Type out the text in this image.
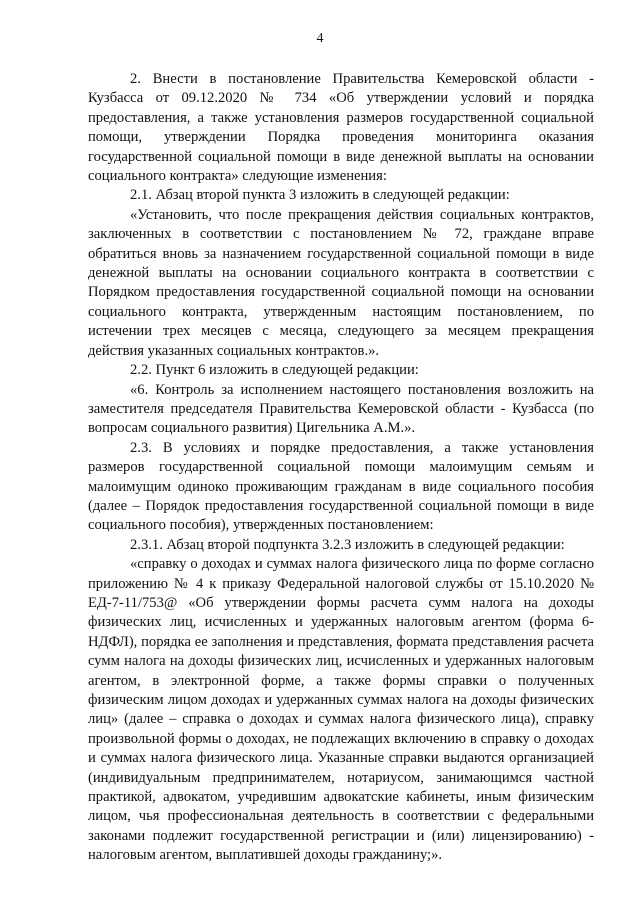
4

2. Внести в постановление Правительства Кемеровской области - Кузбасса от 09.12.2020 № 734 «Об утверждении условий и порядка предоставления, а также установления размеров государственной социальной помощи, утверждении Порядка проведения мониторинга оказания государственной социальной помощи в виде денежной выплаты на основании социального контракта» следующие изменения:

2.1. Абзац второй пункта 3 изложить в следующей редакции:

«Установить, что после прекращения действия социальных контрактов, заключенных в соответствии с постановлением № 72, граждане вправе обратиться вновь за назначением государственной социальной помощи в виде денежной выплаты на основании социального контракта в соответствии с Порядком предоставления государственной социальной помощи на основании социального контракта, утвержденным настоящим постановлением, по истечении трех месяцев с месяца, следующего за месяцем прекращения действия указанных социальных контрактов.».

2.2. Пункт 6 изложить в следующей редакции:

«6. Контроль за исполнением настоящего постановления возложить на заместителя председателя Правительства Кемеровской области - Кузбасса (по вопросам социального развития) Цигельника А.М.».

2.3. В условиях и порядке предоставления, а также установления размеров государственной социальной помощи малоимущим семьям и малоимущим одиноко проживающим гражданам в виде социального пособия (далее – Порядок предоставления государственной социальной помощи в виде социального пособия), утвержденных постановлением:

2.3.1. Абзац второй подпункта 3.2.3 изложить в следующей редакции:

«справку о доходах и суммах налога физического лица по форме согласно приложению № 4 к приказу Федеральной налоговой службы от 15.10.2020 № ЕД-7-11/753@ «Об утверждении формы расчета сумм налога на доходы физических лиц, исчисленных и удержанных налоговым агентом (форма 6-НДФЛ), порядка ее заполнения и представления, формата представления расчета сумм налога на доходы физических лиц, исчисленных и удержанных налоговым агентом, в электронной форме, а также формы справки о полученных физическим лицом доходах и удержанных суммах налога на доходы физических лиц» (далее – справка о доходах и суммах налога физического лица), справку произвольной формы о доходах, не подлежащих включению в справку о доходах и суммах налога физического лица. Указанные справки выдаются организацией (индивидуальным предпринимателем, нотариусом, занимающимся частной практикой, адвокатом, учредившим адвокатские кабинеты, иным физическим лицом, чья профессиональная деятельность в соответствии с федеральными законами подлежит государственной регистрации и (или) лицензированию) - налоговым агентом, выплатившей доходы гражданину;».
